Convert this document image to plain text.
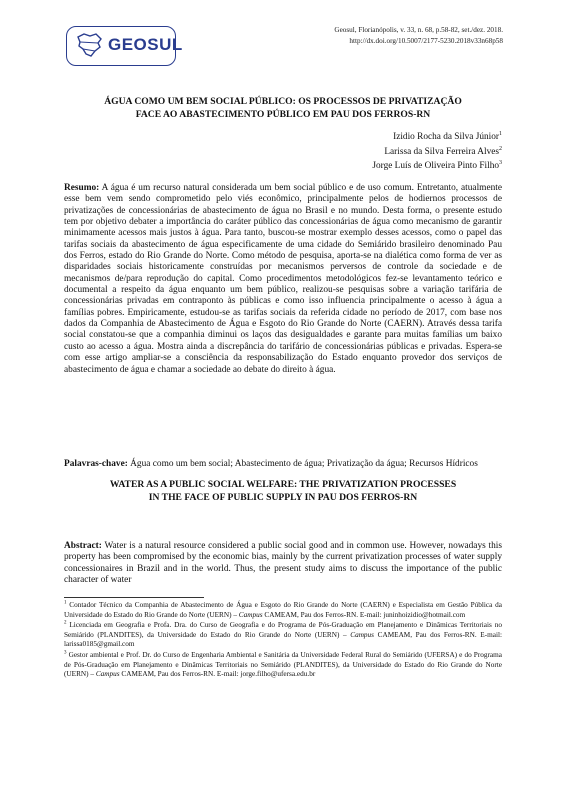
GEOSUL
Geosul, Florianópolis, v. 33, n. 68, p.58-82, set./dez. 2018.
http://dx.doi.org/10.5007/2177-5230.2018v33n68p58
ÁGUA COMO UM BEM SOCIAL PÚBLICO: OS PROCESSOS DE PRIVATIZAÇÃO
FACE AO ABASTECIMENTO PÚBLICO EM PAU DOS FERROS-RN
Izidio Rocha da Silva Júnior$^1$
Larissa da Silva Ferreira Alves$^2$
Jorge Luís de Oliveira Pinto Filho$^3$
Resumo: A água é um recurso natural considerada um bem social público e de uso comum. Entretanto, atualmente esse bem vem sendo comprometido pelo viés econômico, principalmente pelos de hodiernos processos de privatizações de concessionárias de abastecimento de água no Brasil e no mundo. Desta forma, o presente estudo tem por objetivo debater a importância do caráter público das concessionárias de água como mecanismo de garantir minimamente acessos mais justos à água. Para tanto, buscou-se mostrar exemplo desses acessos, como o papel das tarifas sociais da abastecimento de água especificamente de uma cidade do Semiárido brasileiro denominado Pau dos Ferros, estado do Rio Grande do Norte. Como método de pesquisa, aporta-se na dialética como forma de ver as disparidades sociais historicamente construídas por mecanismos perversos de controle da sociedade e de mecanismos de/para reprodução do capital. Como procedimentos metodológicos fez-se levantamento teórico e documental a respeito da água enquanto um bem público, realizou-se pesquisas sobre a variação tarifária de concessionárias privadas em contraponto às públicas e como isso influencia principalmente o acesso à água a famílias pobres. Empiricamente, estudou-se as tarifas sociais da referida cidade no período de 2017, com base nos dados da Companhia de Abastecimento de Água e Esgoto do Rio Grande do Norte (CAERN). Através dessa tarifa social constatou-se que a companhia diminui os laços das desigualdades e garante para muitas famílias um baixo custo ao acesso a água. Mostra ainda a discrepância do tarifário de concessionárias públicas e privadas. Espera-se com esse artigo ampliar-se a consciência da responsabilização do Estado enquanto provedor dos serviços de abastecimento de água e chamar a sociedade ao debate do direito à água.
Palavras-chave: Água como um bem social; Abastecimento de água; Privatização da água; Recursos Hídricos
WATER AS A PUBLIC SOCIAL WELFARE: THE PRIVATIZATION PROCESSES
IN THE FACE OF PUBLIC SUPPLY IN PAU DOS FERROS-RN
Abstract: Water is a natural resource considered a public social good and in common use. However, nowadays this property has been compromised by the economic bias, mainly by the current privatization processes of water supply concessionaires in Brazil and in the world. Thus, the present study aims to discuss the importance of the public character of water
$^1$ Contador Técnico da Companhia de Abastecimento de Água e Esgoto do Rio Grande do Norte (CAERN) e Especialista em Gestão Pública da Universidade do Estado do Rio Grande do Norte (UERN) – Campus CAMEAM, Pau dos Ferros-RN. E-mail: juninhoizidio@hotmail.com
$^2$ Licenciada em Geografia e Profa. Dra. do Curso de Geografia e do Programa de Pós-Graduação em Planejamento e Dinâmicas Territoriais no Semiárido (PLANDITES), da Universidade do Estado do Rio Grande do Norte (UERN) – Campus CAMEAM, Pau dos Ferros-RN. E-mail: larissa0185@gmail.com
$^3$ Gestor ambiental e Prof. Dr. do Curso de Engenharia Ambiental e Sanitária da Universidade Federal Rural do Semiárido (UFERSA) e do Programa de Pós-Graduação em Planejamento e Dinâmicas Territoriais no Semiárido (PLANDITES), da Universidade do Estado do Rio Grande do Norte (UERN) – Campus CAMEAM, Pau dos Ferros-RN. E-mail: jorge.filho@ufersa.edu.br
